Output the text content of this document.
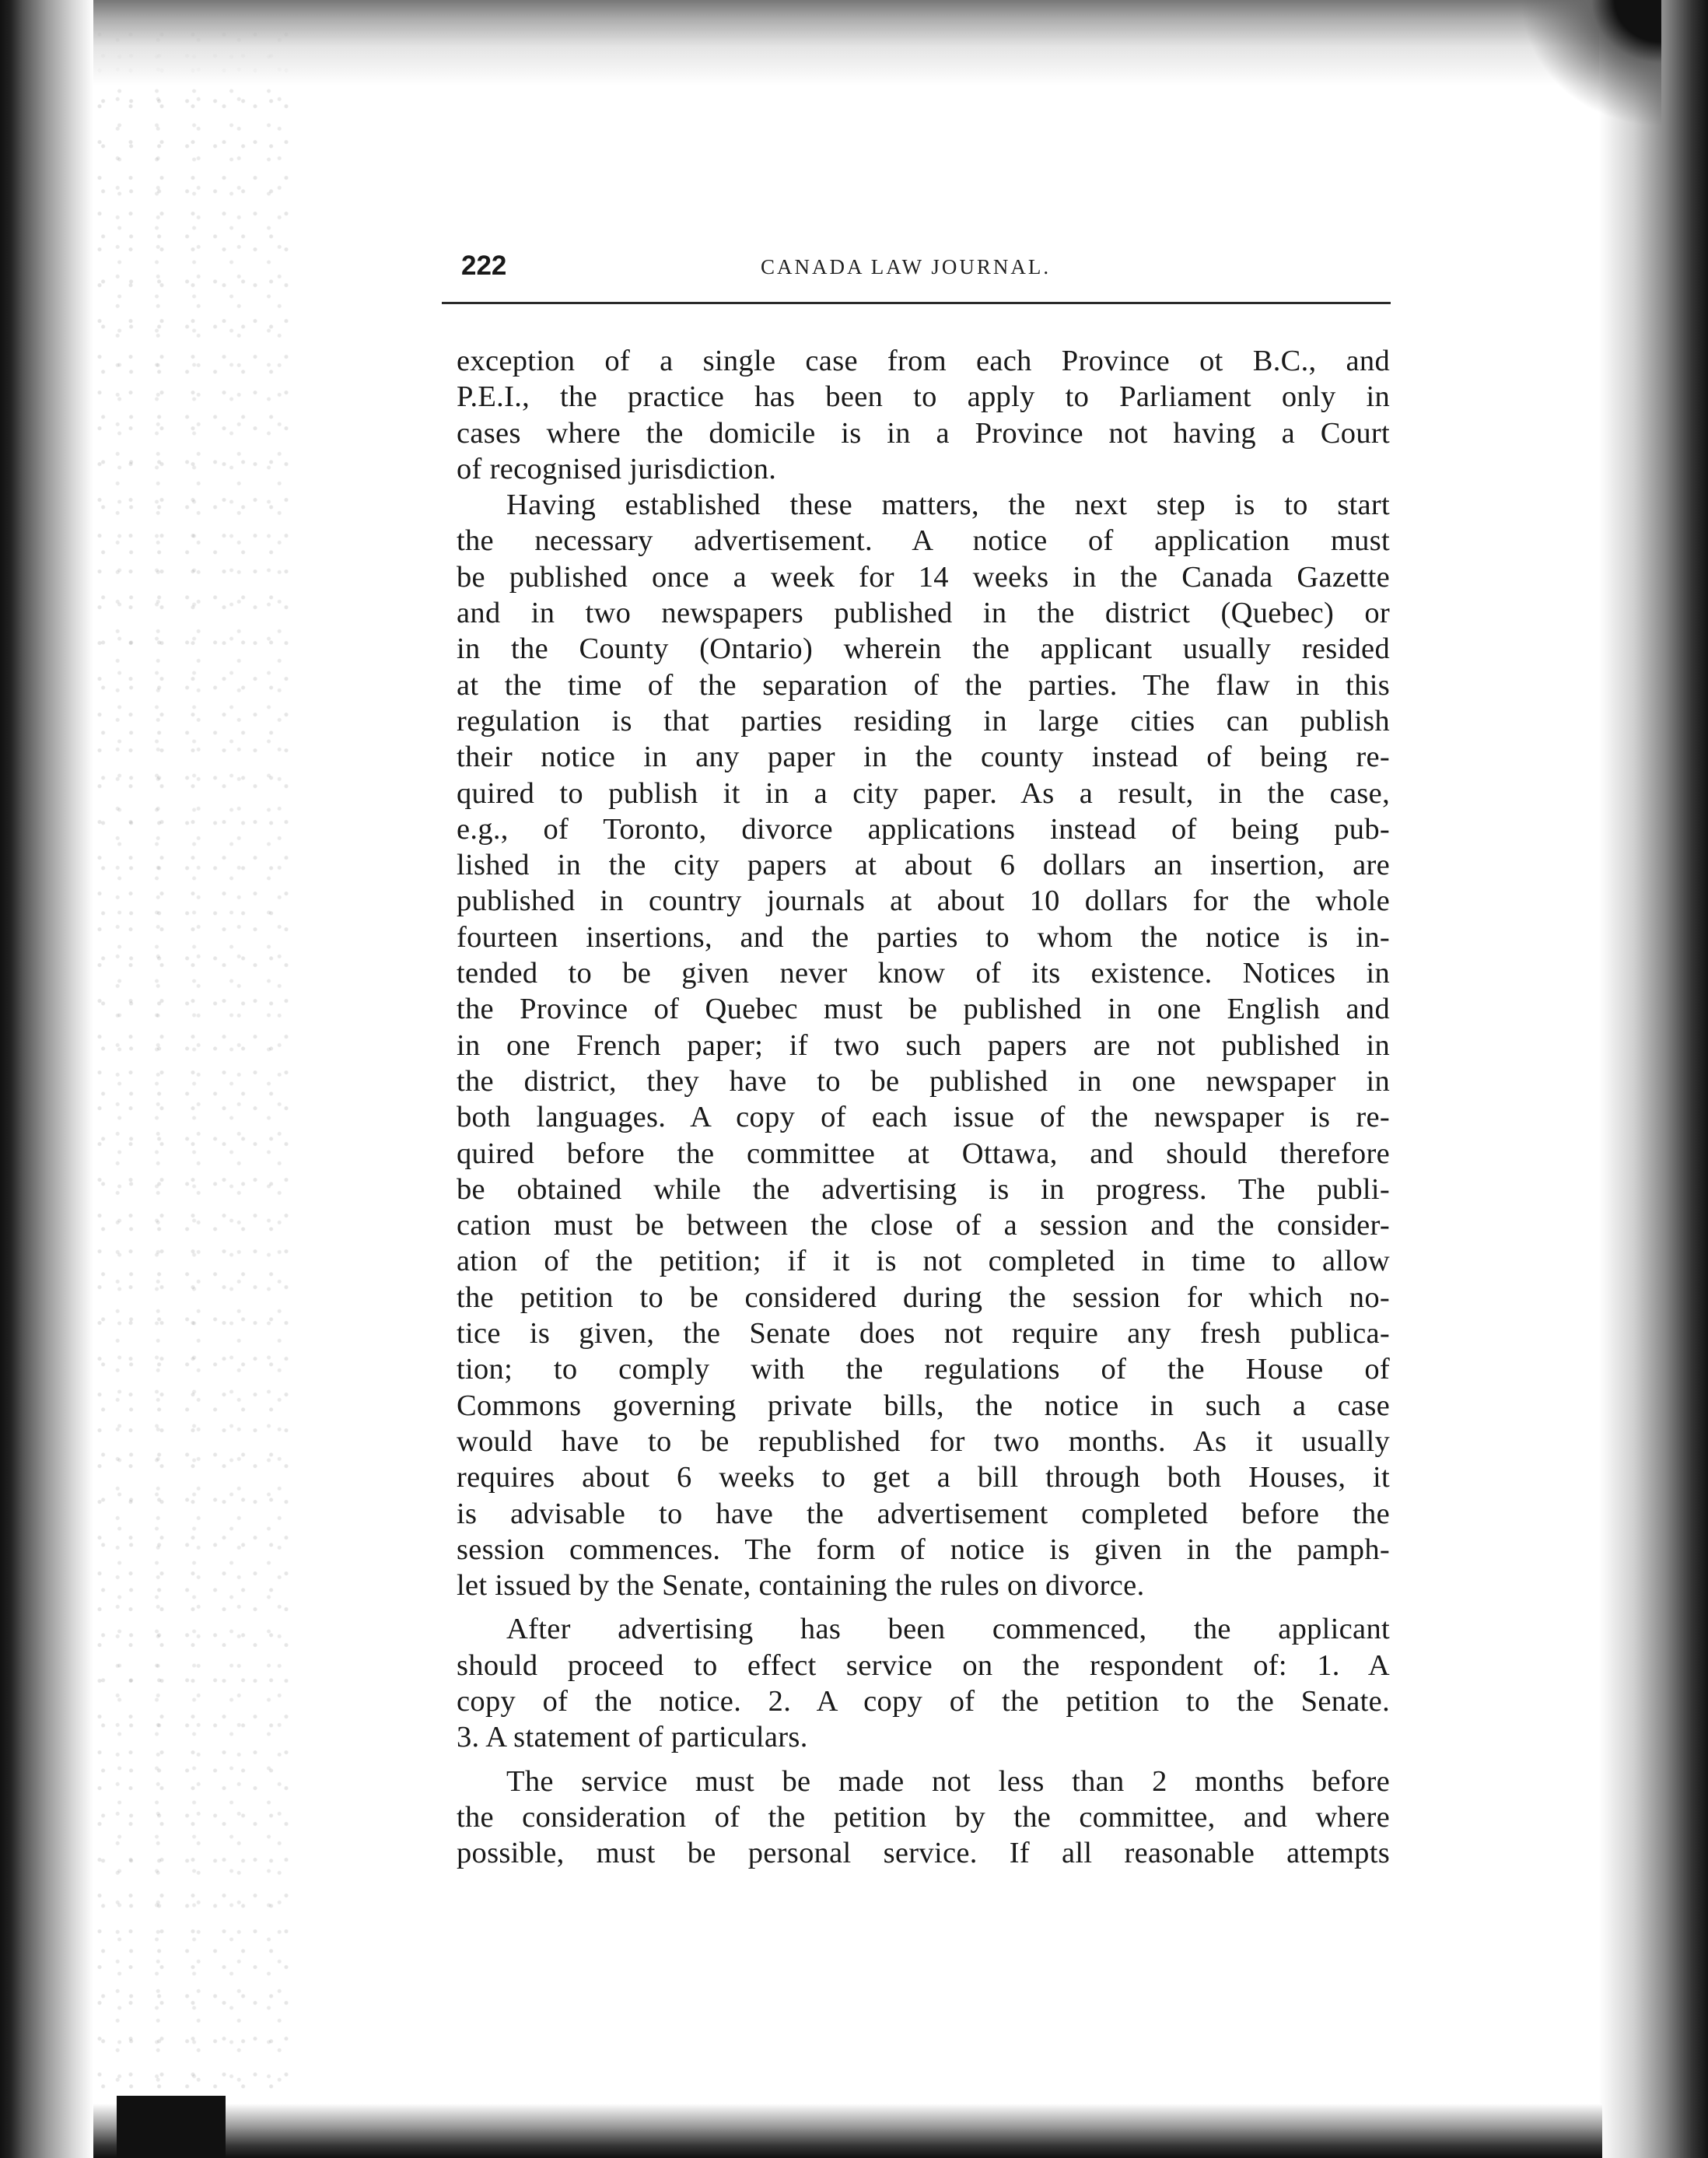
222	CANADA LAW JOURNAL.
exception of a single case from each Province ot B.C., and
P.E.I., the practice has been to apply to Parliament only in
cases where the domicile is in a Province not having a Court
of recognised jurisdiction.
Having established these matters, the next step is to start
the necessary advertisement. A notice of application must
be published once a week for 14 weeks in the Canada Gazette
and in two newspapers published in the district (Quebec) or
in the County (Ontario) wherein the applicant usually resided
at the time of the separation of the parties. The flaw in this
regulation is that parties residing in large cities can publish
their notice in any paper in the county instead of being re-
quired to publish it in a city paper. As a result, in the case,
e.g., of Toronto, divorce applications instead of being pub-
lished in the city papers at about 6 dollars an insertion, are
published in country journals at about 10 dollars for the whole
fourteen insertions, and the parties to whom the notice is in-
tended to be given never know of its existence. Notices in
the Province of Quebec must be published in one English and
in one French paper; if two such papers are not published in
the district, they have to be published in one newspaper in
both languages. A copy of each issue of the newspaper is re-
quired before the committee at Ottawa, and should therefore
be obtained while the advertising is in progress. The publi-
cation must be between the close of a session and the consider-
ation of the petition; if it is not completed in time to allow
the petition to be considered during the session for which no-
tice is given, the Senate does not require any fresh publica-
tion; to comply with the regulations of the House of
Commons governing private bills, the notice in such a case
would have to be republished for two months. As it usually
requires about 6 weeks to get a bill through both Houses, it
is advisable to have the advertisement completed before the
session commences. The form of notice is given in the pamph-
let issued by the Senate, containing the rules on divorce.
After advertising has been commenced, the applicant
should proceed to effect service on the respondent of: 1. A
copy of the notice. 2. A copy of the petition to the Senate.
3. A statement of particulars.
The service must be made not less than 2 months before
the consideration of the petition by the committee, and where
possible, must be personal service. If all reasonable attempts
